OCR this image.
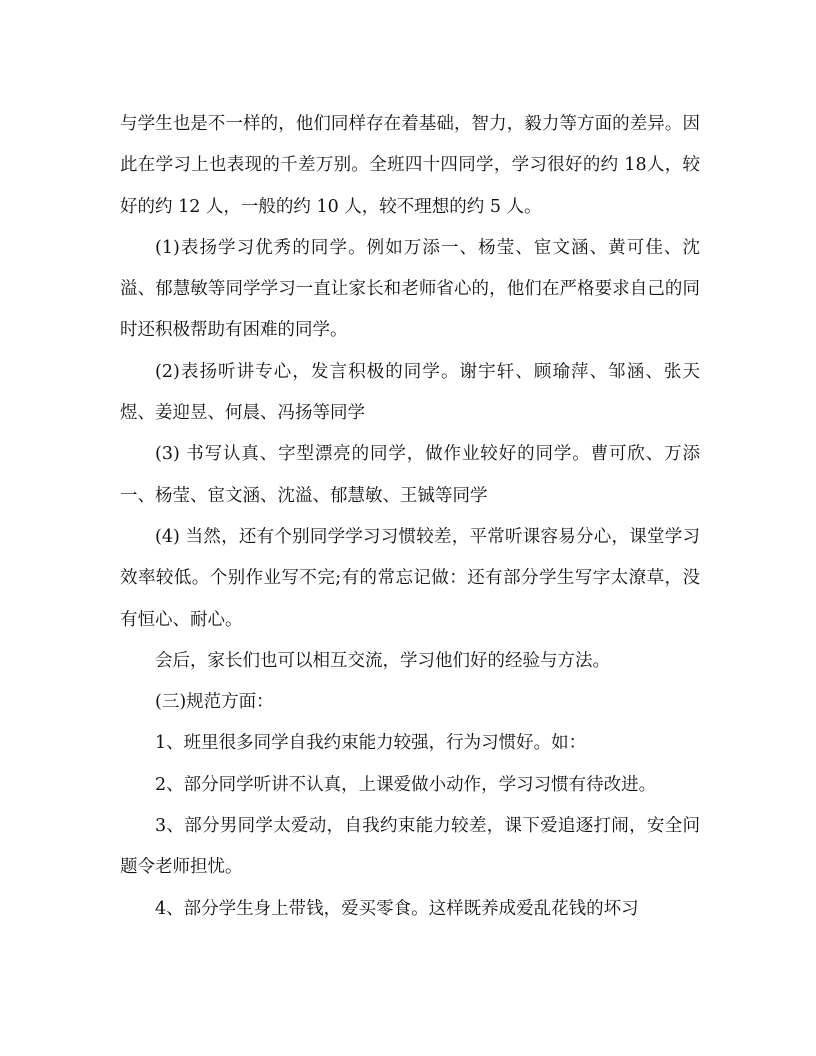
与学生也是不一样的，他们同样存在着基础，智力，毅力等方面的差异。因此在学习上也表现的千差万别。全班四十四同学，学习很好的约 18人，较好的约 12 人，一般的约 10 人，较不理想的约 5 人。

(1)表扬学习优秀的同学。例如万添一、杨莹、宦文涵、黄可佳、沈溢、郁慧敏等同学学习一直让家长和老师省心的，他们在严格要求自己的同时还积极帮助有困难的同学。

(2)表扬听讲专心，发言积极的同学。谢宇轩、顾瑜萍、邹涵、张天煜、姜迎昱、何晨、冯扬等同学

(3) 书写认真、字型漂亮的同学，做作业较好的同学。曹可欣、万添一、杨莹、宦文涵、沈溢、郁慧敏、王铖等同学

(4) 当然，还有个别同学学习习惯较差，平常听课容易分心，课堂学习效率较低。个别作业写不完;有的常忘记做：还有部分学生写字太潦草，没有恒心、耐心。

会后，家长们也可以相互交流，学习他们好的经验与方法。

(三)规范方面：

1、班里很多同学自我约束能力较强，行为习惯好。如：

2、部分同学听讲不认真，上课爱做小动作，学习习惯有待改进。

3、部分男同学太爱动，自我约束能力较差，课下爱追逐打闹，安全问题令老师担忧。

4、部分学生身上带钱，爱买零食。这样既养成爱乱花钱的坏习
